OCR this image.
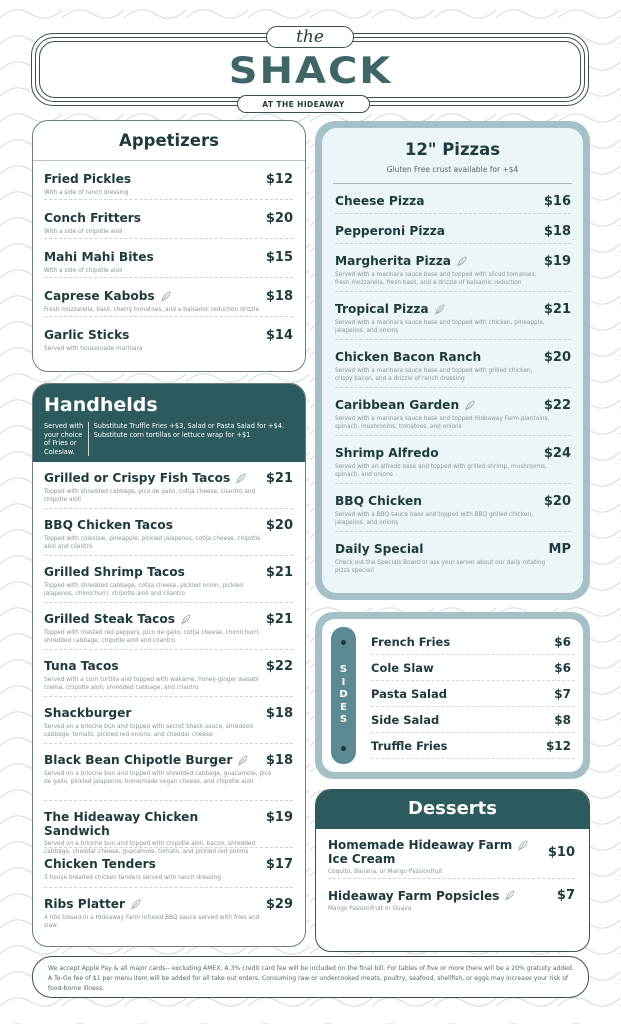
the
SHACK
AT THE HIDEAWAY
Appetizers
Fried Pickles	$12
With a side of ranch dressing
Conch Fritters	$20
With a side of chipotle aioli
Mahi Mahi Bites	$15
With a side of chipotle aioli
Caprese Kabobs	$18
Fresh mozzarella, basil, cherry tomatoes, and a balsamic reduction drizzle
Garlic Sticks	$14
Served with housemade marinara
Handhelds
Served with your choice of Fries or Coleslaw.
Substitute Truffle Fries +$3, Salad or Pasta Salad for +$4. Substitute corn tortillas or lettuce wrap for +$1
Grilled or Crispy Fish Tacos	$21
Topped with shredded cabbage, pico de gallo, cotija cheese, cilantro and chipotle aioli
BBQ Chicken Tacos	$20
Topped with coleslaw, pineapple, pickled jalapenos, cotija cheese, chipotle aioli and cilantro
Grilled Shrimp Tacos	$21
Topped with shredded cabbage, cotija cheese, pickled onion, pickled jalapenos, chimichurri, chipotle aioli and cilantro
Grilled Steak Tacos	$21
Topped with roasted red peppers, pico de gallo, cotija cheese, chimichurri, shredded cabbage, chipotle aioli and cilantro
Tuna Tacos	$22
Served with a corn tortilla and topped with wakame, honey-ginger wasabi crema, chipotle aioli, shredded cabbage, and cilantro
Shackburger	$18
Served on a brioche bun and topped with secret Shack sauce, shredded cabbage, tomato, pickled red onions, and cheddar cheese
Black Bean Chipotle Burger	$18
Served on a brioche bun and topped with shredded cabbage, guacamole, pico de gallo, pickled jalapenos, homemade vegan cheese, and chipotle aioli
The Hideaway Chicken Sandwich
$19
Served on a brioche bun and topped with chipotle aioli, bacon, shredded cabbage, cheddar cheese, guacamole, tomato, and pickled red onions
Chicken Tenders	$17
3 house breaded chicken tenders served with ranch dressing
Ribs Platter	$29
4 ribs tossed in a Hideaway Farm infused BBQ sauce served with fries and slaw.
12" Pizzas
Gluten Free crust available for +$4
Cheese Pizza	$16
Pepperoni Pizza	$18
Margherita Pizza	$19
Served with a marinara sauce base and topped with sliced tomatoes, fresh mozzarella, fresh basil, and a drizzle of balsamic reduction
Tropical Pizza	$21
Served with a marinara sauce base and topped with chicken, pineapple, jalapenos, and onions
Chicken Bacon Ranch	$20
Served with a marinara sauce base and topped with grilled chicken, crispy bacon, and a drizzle of ranch dressing
Caribbean Garden	$22
Served with a marinara sauce base and topped Hideaway Farm plantains, spinach, mushrooms, tomatoes, and onions
Shrimp Alfredo	$24
Served with an alfredo base and topped with grilled shrimp, mushrooms, spinach, and onions
BBQ Chicken	$20
Served with a BBQ sauce base and topped with BBQ grilled chicken, jalapenos, and onions
Daily Special	MP
Check out the Specials Board or ask your server about our daily rotating pizza special!
SIDES
French Fries	$6
Cole Slaw	$6
Pasta Salad	$7
Side Salad	$8
Truffle Fries	$12
Desserts
Homemade Hideaway Farm
Ice Cream	$10
Coquito, Banana, or Mango Passionfruit
Hideaway Farm Popsicles	$7
Mango Passionfruit or Guava
We accept Apple Pay & all major cards-- excluding AMEX. A 3% credit card fee will be included on the final bill. For tables of five or more there will be a 20% gratuity added. A To-Go fee of $1 per menu item will be added for all take out orders. Consuming raw or undercooked meats, poultry, seafood, shellfish, or eggs may increase your risk of food-borne illness.
